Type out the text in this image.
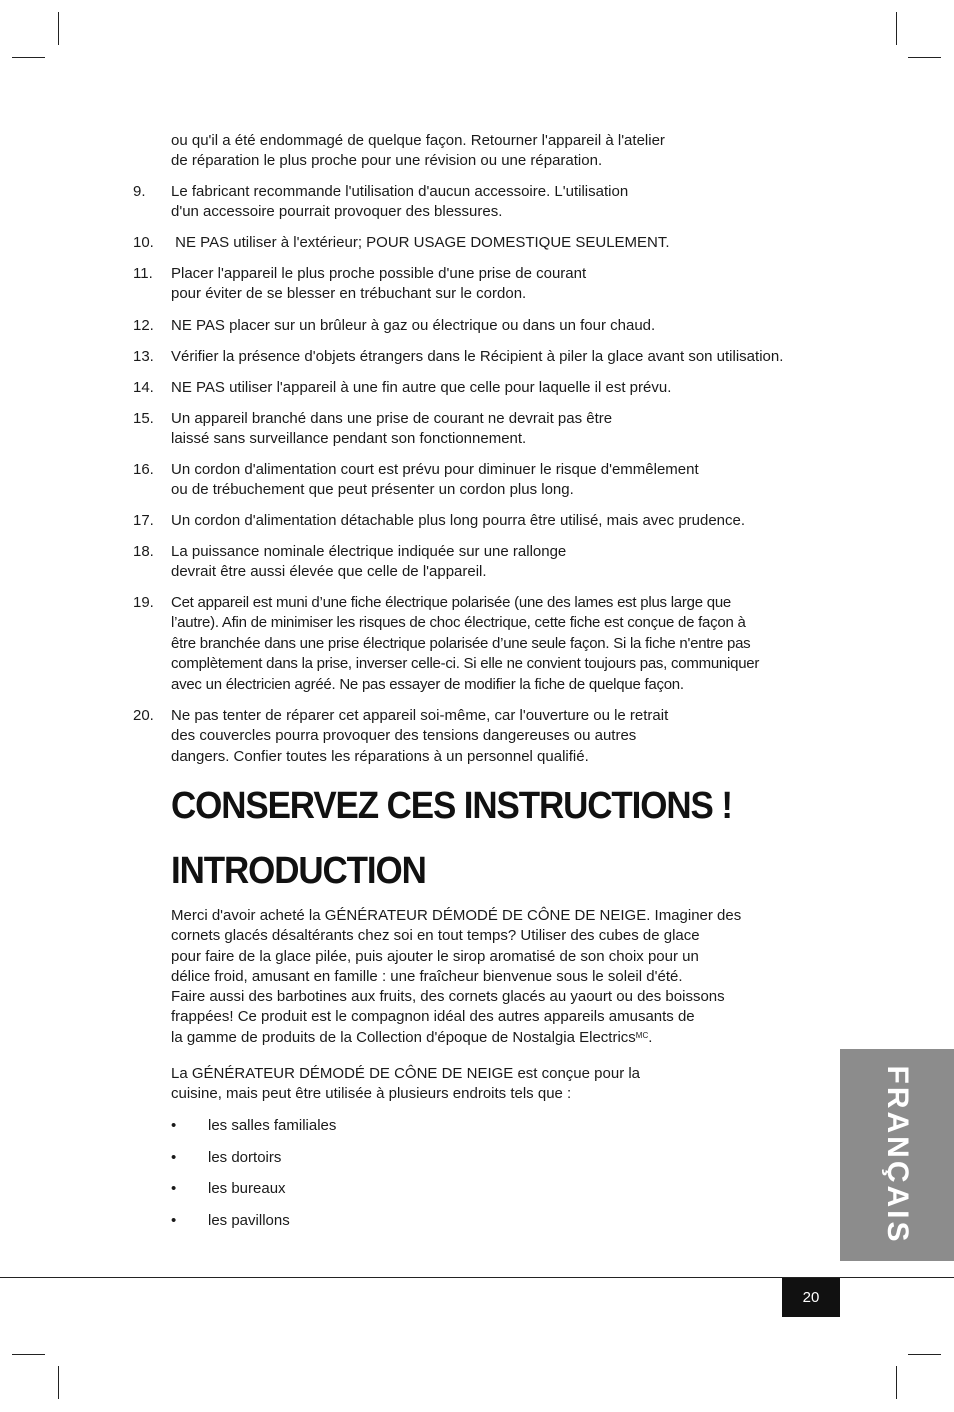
ou qu'il a été endommagé de quelque façon. Retourner l'appareil à l'atelier
de réparation le plus proche pour une révision ou une réparation.
9.	Le fabricant recommande l'utilisation d'aucun accessoire. L'utilisation
d'un accessoire pourrait provoquer des blessures.
10.	NE PAS utiliser à l'extérieur; POUR USAGE DOMESTIQUE SEULEMENT.
11.	Placer l'appareil le plus proche possible d'une prise de courant
pour éviter de se blesser en trébuchant sur le cordon.
12.	NE PAS placer sur un brûleur à gaz ou électrique ou dans un four chaud.
13.	Vérifier la présence d'objets étrangers dans le Récipient à piler la glace avant son utilisation.
14.	NE PAS utiliser l'appareil à une fin autre que celle pour laquelle il est prévu.
15.	Un appareil branché dans une prise de courant ne devrait pas être
laissé sans surveillance pendant son fonctionnement.
16.	Un cordon d'alimentation court est prévu pour diminuer le risque d'emmêlement
ou de trébuchement que peut présenter un cordon plus long.
17.	Un cordon d'alimentation détachable plus long pourra être utilisé, mais avec prudence.
18.	La puissance nominale électrique indiquée sur une rallonge
devrait être aussi élevée que celle de l'appareil.
19.	Cet appareil est muni d’une fiche électrique polarisée (une des lames est plus large que
l’autre). Afin de minimiser les risques de choc électrique, cette fiche est conçue de façon à
être branchée dans une prise électrique polarisée d’une seule façon. Si la fiche n'entre pas
complètement dans la prise, inverser celle-ci. Si elle ne convient toujours pas, communiquer
avec un électricien agréé. Ne pas essayer de modifier la fiche de quelque façon.
20.	Ne pas tenter de réparer cet appareil soi-même, car l'ouverture ou le retrait
des couvercles pourra provoquer des tensions dangereuses ou autres
dangers. Confier toutes les réparations à un personnel qualifié.
CONSERVEZ CES INSTRUCTIONS !
INTRODUCTION
Merci d'avoir acheté la GÉNÉRATEUR DÉMODÉ DE CÔNE DE NEIGE. Imaginer des
cornets glacés désaltérants chez soi en tout temps? Utiliser des cubes de glace
pour faire de la glace pilée, puis ajouter le sirop aromatisé de son choix pour un
délice froid, amusant en famille : une fraîcheur bienvenue sous le soleil d'été.
Faire aussi des barbotines aux fruits, des cornets glacés au yaourt ou des boissons
frappées! Ce produit est le compagnon idéal des autres appareils amusants de
la gamme de produits de la Collection d'époque de Nostalgia Electrics$^{MC}$.
La GÉNÉRATEUR DÉMODÉ DE CÔNE DE NEIGE est conçue pour la
cuisine, mais peut être utilisée à plusieurs endroits tels que :
• les salles familiales
• les dortoirs
• les bureaux
• les pavillons	FRANÇAIS
20
